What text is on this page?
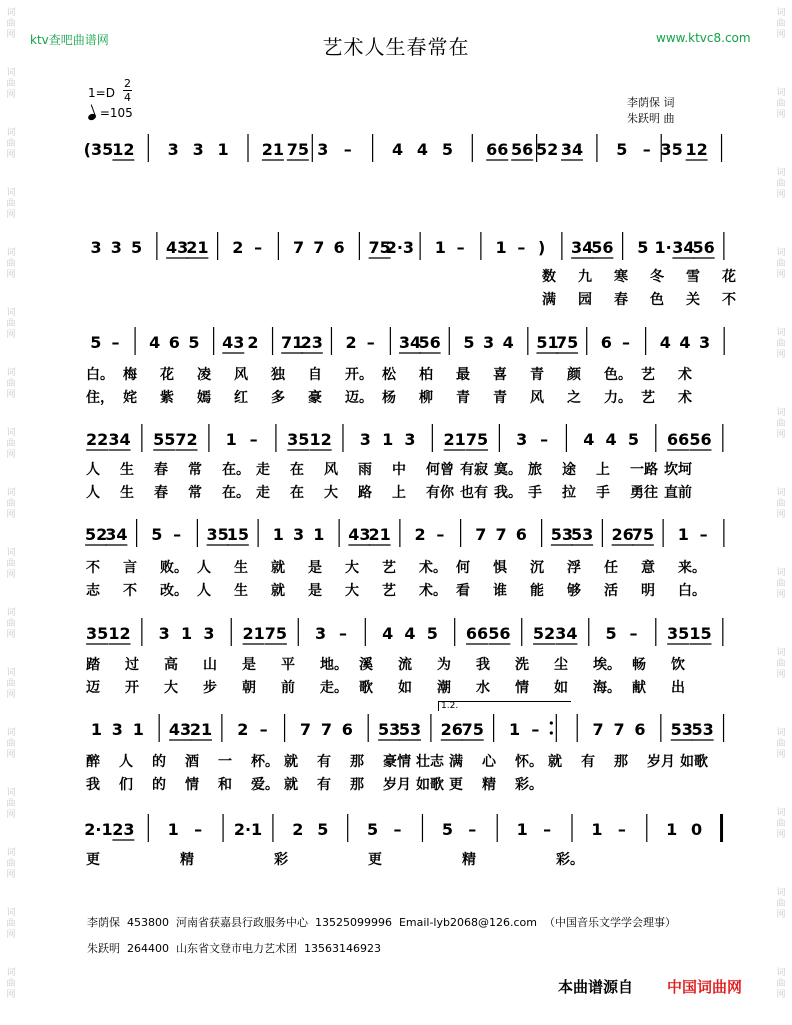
词
曲
网
词
曲
网
词
曲
网
词
曲
网
词
曲
网
词
曲
网
词
曲
网
词
曲
网
词
曲
网
词
曲
网
词
曲
网
词
曲
网
词
曲
网
词
曲
网
词
曲
网
词
曲
网
词
曲
网
词
曲
网
词
曲
网
词
曲
网
词
曲
网
词
曲
网
词
曲
网
词
曲
网
词
曲
网
词
曲
网
词
曲
网
词
曲
网
词
曲
网
词
曲
网
ktv查吧曲谱网	www.ktvc8.com
艺术人生春常在
李荫保 词
朱跃明 曲
1=D
2
4
=105
(35 12 3 3 1 21 75 3 –	4 4 5 66 56 52 34 5 – 35 12
3 3 5 43
21 2 – 7 7 6 75
2·3 1 – 1 – ) 34
56 5 1· 34
56
5 – 4 6 5 43 2 71
23 2 – 34
56 5 3 4 51
75 6 – 4 4 3
22 34 55 72 1 – 35 12 3 1 3 21 75 3 – 4 4 5 66 56
52
34 5 – 35
15 1 3 1 43
21 2 – 7 7 6 53
53 26
75 1 –
35 12 3 1 3 21 75 3 – 4 4 5 66 56 52 34 5 – 35 15
1 3 1 43
21 2 – 7 7 6 53
53 26
75 1 –	7 7 6 53
53
2·1 23 1 – 2·1 2 5 5 –	5 –	1 –	1 –	1 0
1.2.
数 九 寒 冬 雪 花
满 园 春 色 关 不
白。 梅 花 凌 风 独 自 开。 松 柏 最 喜 青 颜 色。 艺 术
住， 姹 紫 嫣 红 多 豪 迈。 杨 柳 青 青 风 之 力。 艺 术
人 生 春 常 在。 走 在 风 雨 中 何曾 有寂 寞。 旅 途 上 一路 坎坷
人 生 春 常 在。 走 在 大 路 上 有你 也有 我。 手 拉 手 勇往 直前
不 言 败。 人 生 就 是 大 艺 术。 何 惧 沉 浮 任 意 来。
志 不 改。 人 生 就 是 大 艺 术。 看 谁 能 够 活 明 白。
踏 过 高 山 是 平 地。 溪 流 为 我 洗 尘 埃。 畅 饮
迈 开 大 步 朝 前 走。 歌 如 潮 水 情 如 海。 献 出
醉 人 的 酒 一 杯。 就 有 那 豪情 壮志 满 心 怀。 就 有 那 岁月 如歌
我 们 的 情 和 爱。 就 有 那 岁月 如歌 更 精 彩。
更	精	彩	更	精	彩。
李荫保  453800  河南省获嘉县行政服务中心  13525099996  Email-lyb2068@126.com  （中国音乐文学学会理事）
朱跃明  264400  山东省文登市电力艺术团  13563146923
本曲谱源自 中国词曲网
